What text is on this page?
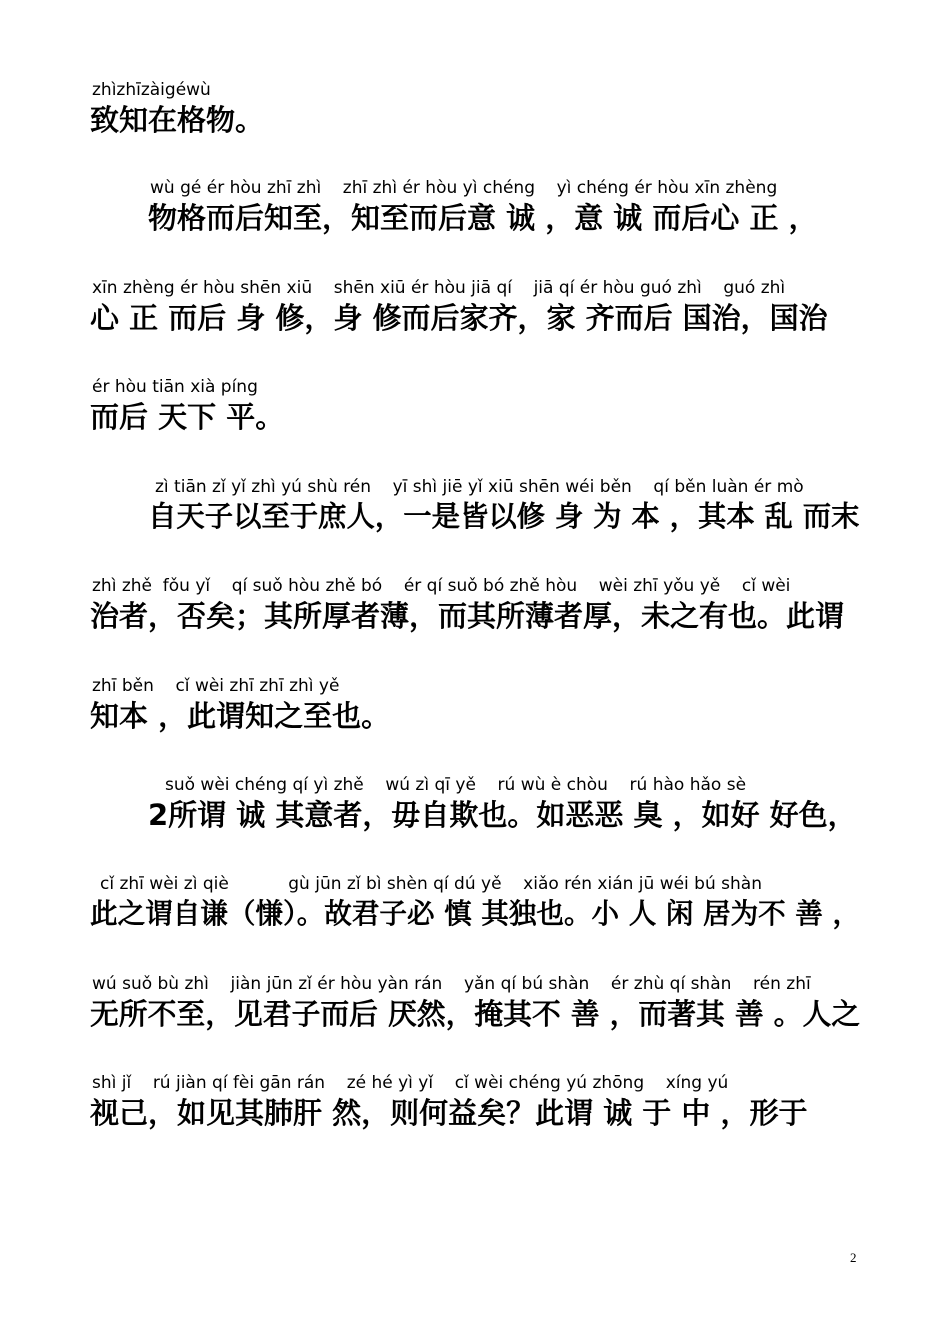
zhìzhīzàigéwù
致知在格物。
wù gé ér hòu zhī zhì    zhī zhì ér hòu yì chéng    yì chéng ér hòu xīn zhèng
物格而后知至，知至而后意 诚 ，意 诚 而后心 正 ，
xīn zhèng ér hòu shēn xiū    shēn xiū ér hòu jiā qí    jiā qí ér hòu guó zhì    guó zhì
心 正 而后 身 修，身 修而后家齐，家 齐而后 国治，国治
ér hòu tiān xià píng
而后 天下 平。
zì tiān zǐ yǐ zhì yú shù rén    yī shì jiē yǐ xiū shēn wéi běn    qí běn luàn ér mò
自天子以至于庶人，一是皆以修 身 为 本 ，其本 乱 而末
zhì zhě  fǒu yǐ    qí suǒ hòu zhě bó    ér qí suǒ bó zhě hòu    wèi zhī yǒu yě    cǐ wèi
治者，否矣；其所厚者薄，而其所薄者厚，未之有也。此谓
zhī běn    cǐ wèi zhī zhī zhì yě
知本 ，此谓知之至也。
suǒ wèi chéng qí yì zhě    wú zì qī yě    rú wù è chòu    rú hào hǎo sè
2所谓 诚 其意者，毋自欺也。如恶恶 臭 ，如好 好色，
cǐ zhī wèi zì qiè           gù jūn zǐ bì shèn qí dú yě    xiǎo rén xián jū wéi bú shàn
此之谓自谦（慊）。故君子必 慎 其独也。小 人 闲 居为不 善 ，
wú suǒ bù zhì    jiàn jūn zǐ ér hòu yàn rán    yǎn qí bú shàn    ér zhù qí shàn    rén zhī
无所不至，见君子而后 厌然，掩其不 善 ，而著其 善 。人之
shì jǐ    rú jiàn qí fèi gān rán    zé hé yì yǐ    cǐ wèi chéng yú zhōng    xíng yú
视己，如见其肺肝 然，则何益矣？此谓 诚 于 中 ，形于
2
